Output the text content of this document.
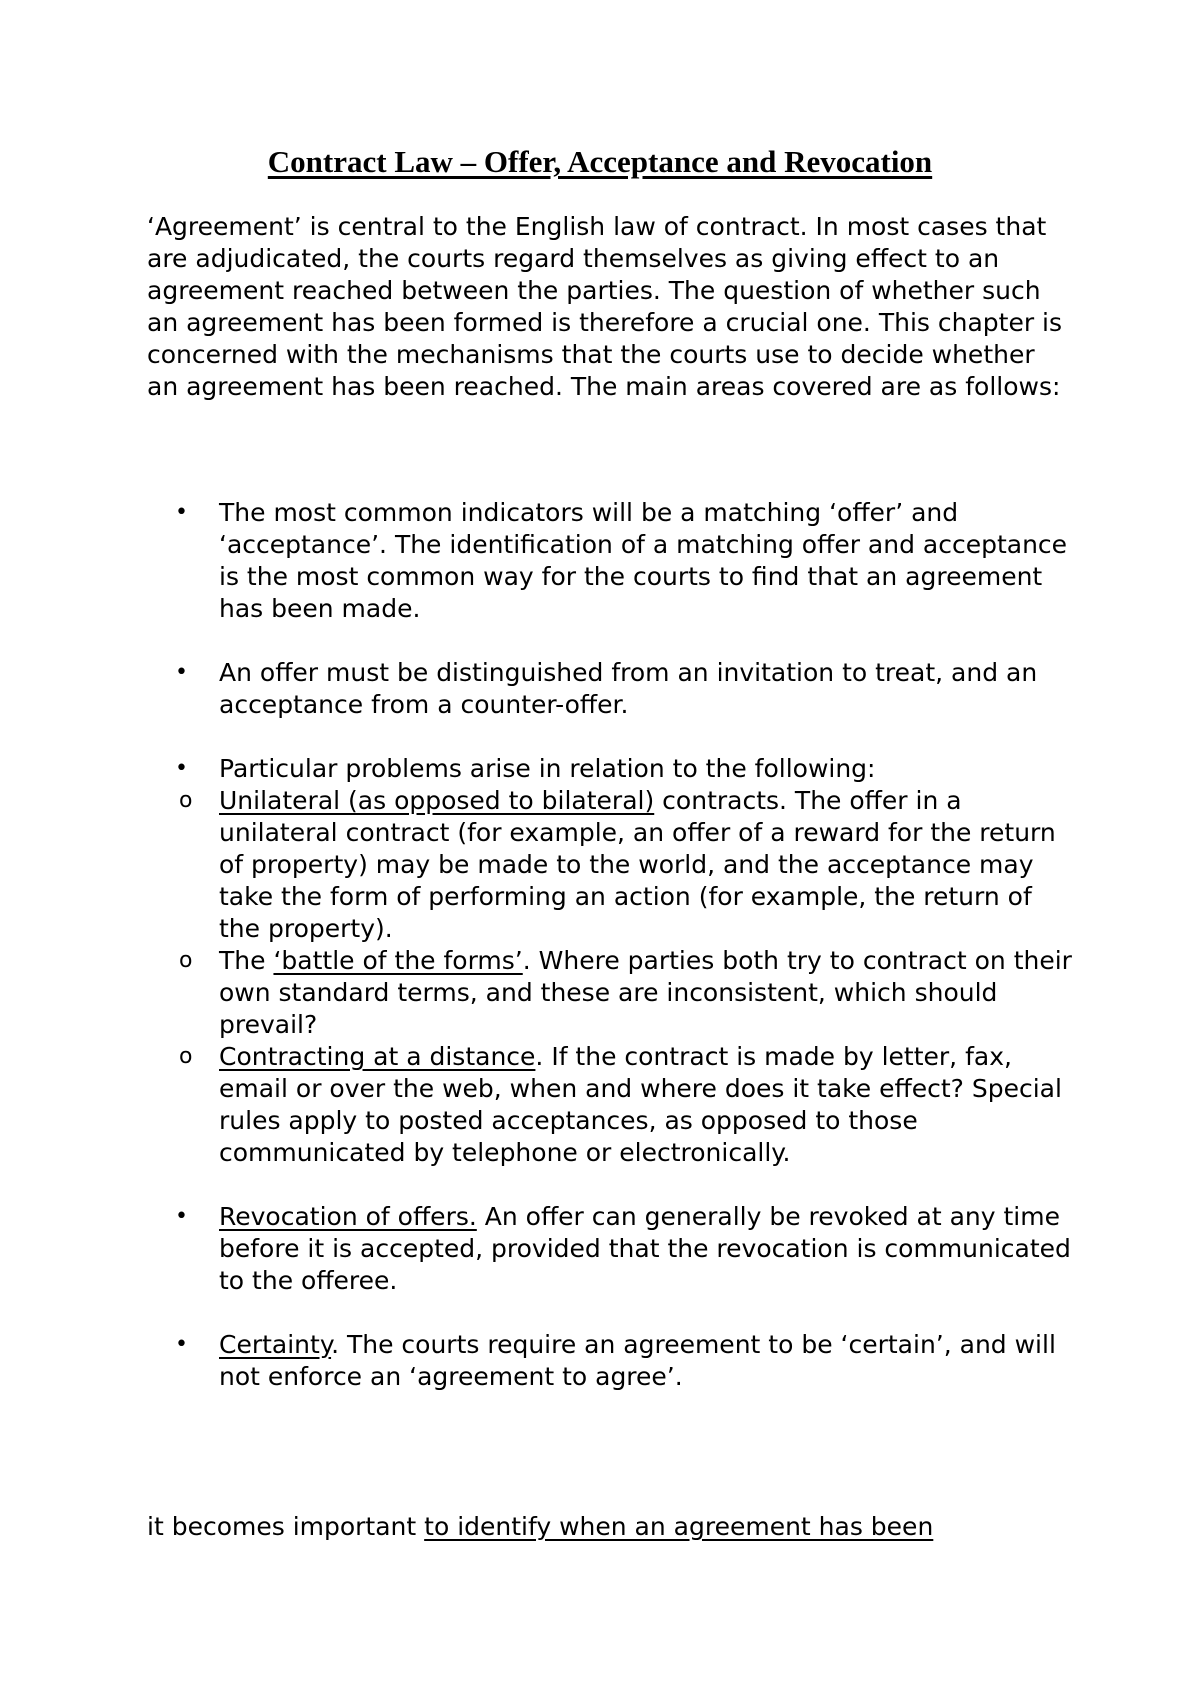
Contract Law – Offer, Acceptance and Revocation

‘Agreement’ is central to the English law of contract. In most cases that are adjudicated, the courts regard themselves as giving effect to an agreement reached between the parties. The question of whether such an agreement has been formed is therefore a crucial one. This chapter is concerned with the mechanisms that the courts use to decide whether an agreement has been reached. The main areas covered are as follows:

•	The most common indicators will be a matching ‘offer’ and ‘acceptance’. The identification of a matching offer and acceptance is the most common way for the courts to find that an agreement has been made.
•	An offer must be distinguished from an invitation to treat, and an acceptance from a counter-offer.
•	Particular problems arise in relation to the following:
o	Unilateral (as opposed to bilateral) contracts. The offer in a unilateral contract (for example, an offer of a reward for the return of property) may be made to the world, and the acceptance may take the form of performing an action (for example, the return of the property).
o	The ‘battle of the forms’. Where parties both try to contract on their own standard terms, and these are inconsistent, which should prevail?
o	Contracting at a distance. If the contract is made by letter, fax, email or over the web, when and where does it take effect? Special rules apply to posted acceptances, as opposed to those communicated by telephone or electronically.
•	Revocation of offers. An offer can generally be revoked at any time before it is accepted, provided that the revocation is communicated to the offeree.
•	Certainty. The courts require an agreement to be ‘certain’, and will not enforce an ‘agreement to agree’.

it becomes important to identify when an agreement has been
